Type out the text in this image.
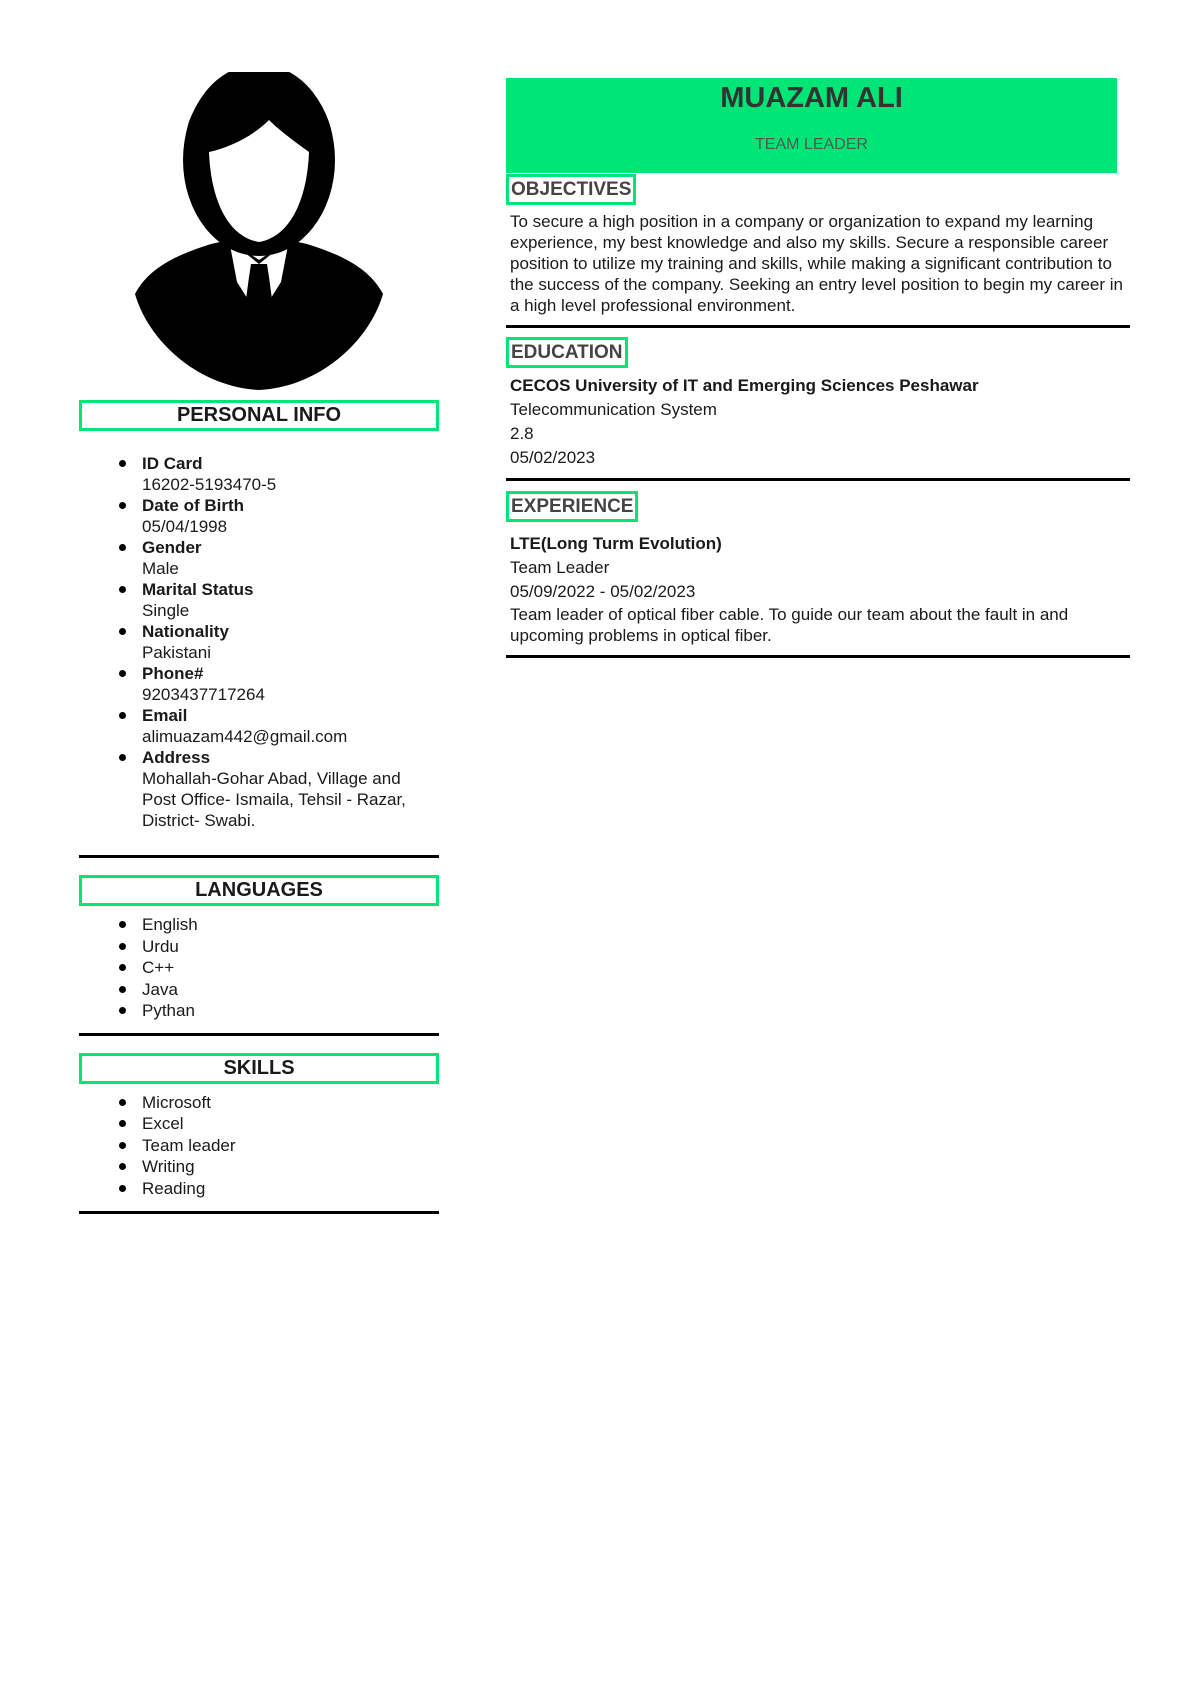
PERSONAL INFO
ID Card
16202-5193470-5
Date of Birth
05/04/1998
Gender
Male
Marital Status
Single
Nationality
Pakistani
Phone#
9203437717264
Email
alimuazam442@gmail.com
Address
Mohallah-Gohar Abad, Village and Post Office- Ismaila, Tehsil - Razar, District- Swabi.
LANGUAGES
English
Urdu
C++
Java
Pythan
SKILLS
Microsoft
Excel
Team leader
Writing
Reading
MUAZAM ALI
TEAM LEADER
OBJECTIVES
To secure a high position in a company or organization to expand my learning experience, my best knowledge and also my skills. Secure a responsible career position to utilize my training and skills, while making a significant contribution to the success of the company. Seeking an entry level position to begin my career in a high level professional environment.
EDUCATION
CECOS University of IT and Emerging Sciences Peshawar
Telecommunication System
2.8
05/02/2023
EXPERIENCE
LTE(Long Turm Evolution)
Team Leader
05/09/2022 - 05/02/2023
Team leader of optical fiber cable. To guide our team about the fault in and upcoming problems in optical fiber.
